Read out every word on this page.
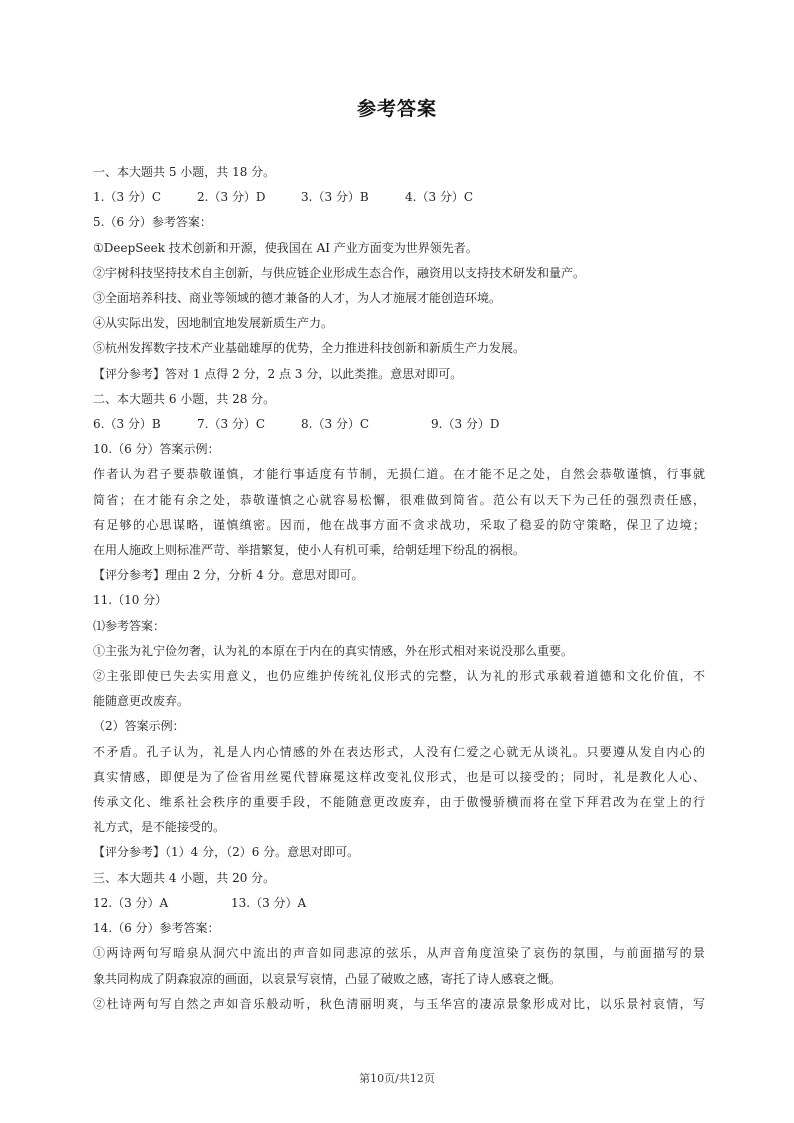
参考答案
一、本大题共 5 小题，共 18 分。
1.（3 分）C	2.（3 分）D	3.（3 分）B	4.（3 分）C
5.（6 分）参考答案：
①DeepSeek 技术创新和开源，使我国在 AI 产业方面变为世界领先者。
②宇树科技坚持技术自主创新，与供应链企业形成生态合作，融资用以支持技术研发和量产。
③全面培养科技、商业等领域的德才兼备的人才，为人才施展才能创造环境。
④从实际出发，因地制宜地发展新质生产力。
⑤杭州发挥数字技术产业基础雄厚的优势，全力推进科技创新和新质生产力发展。
【评分参考】答对 1 点得 2 分，2 点 3 分，以此类推。意思对即可。
二、本大题共 6 小题，共 28 分。
6.（3 分）B	7.（3 分）C	8.（3 分）C	9.（3 分）D
10.（6 分）答案示例：
作者认为君子要恭敬谨慎，才能行事适度有节制，无损仁道。在才能不足之处，自然会恭敬谨慎，行事就
简省；在才能有余之处，恭敬谨慎之心就容易松懈，很难做到简省。范公有以天下为己任的强烈责任感，
有足够的心思谋略，谨慎缜密。因而，他在战事方面不贪求战功，采取了稳妥的防守策略，保卫了边境；
在用人施政上则标准严苛、举措繁复，使小人有机可乘，给朝廷埋下纷乱的祸根。
【评分参考】理由 2 分，分析 4 分。意思对即可。
11.（10 分）
⑴参考答案：
①主张为礼宁俭勿奢，认为礼的本原在于内在的真实情感，外在形式相对来说没那么重要。
②主张即使已失去实用意义，也仍应维护传统礼仪形式的完整，认为礼的形式承载着道德和文化价值，不
能随意更改废弃。
（2）答案示例：
不矛盾。孔子认为，礼是人内心情感的外在表达形式，人没有仁爱之心就无从谈礼。只要遵从发自内心的
真实情感，即便是为了俭省用丝冕代替麻冕这样改变礼仪形式，也是可以接受的；同时，礼是教化人心、
传承文化、维系社会秩序的重要手段，不能随意更改废弃，由于傲慢骄横而将在堂下拜君改为在堂上的行
礼方式，是不能接受的。
【评分参考】（1）4 分，（2）6 分。意思对即可。
三、本大题共 4 小题，共 20 分。
12.（3 分）A	13.（3 分）A
14.（6 分）参考答案：
①两诗两句写暗泉从洞穴中流出的声音如同悲凉的弦乐，从声音角度渲染了哀伤的氛围，与前面描写的景
象共同构成了阴森寂凉的画面，以哀景写哀情，凸显了破败之感，寄托了诗人感衰之慨。
②杜诗两句写自然之声如音乐般动听，秋色清丽明爽，与玉华宫的凄凉景象形成对比，以乐景衬哀情，写
第10页/共12页
